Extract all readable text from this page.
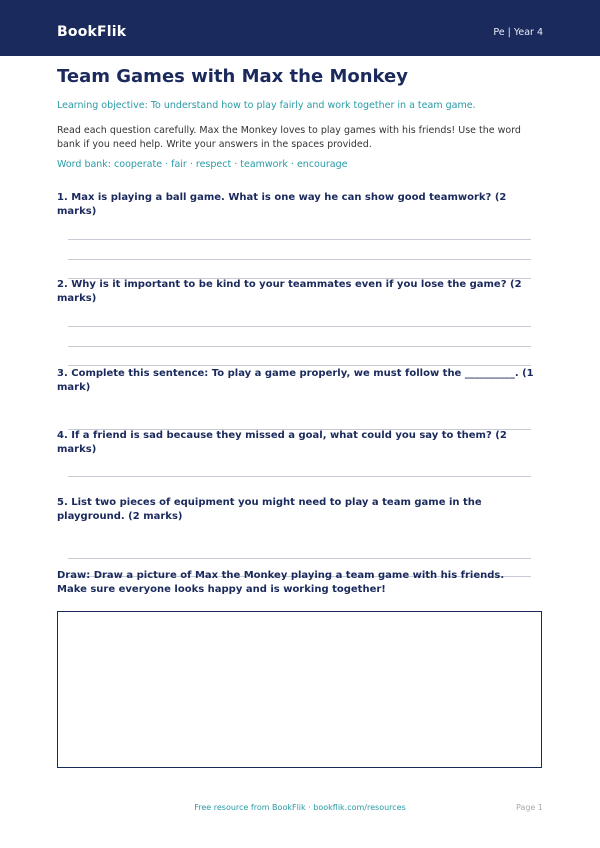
BookFlik	Pe | Year 4
Team Games with Max the Monkey
Learning objective: To understand how to play fairly and work together in a team game.
Read each question carefully. Max the Monkey loves to play games with his friends! Use the word bank if you need help. Write your answers in the spaces provided.
Word bank: cooperate · fair · respect · teamwork · encourage
1. Max is playing a ball game. What is one way he can show good teamwork? (2 marks)
2. Why is it important to be kind to your teammates even if you lose the game? (2 marks)
3. Complete this sentence: To play a game properly, we must follow the __________. (1 mark)
4. If a friend is sad because they missed a goal, what could you say to them? (2 marks)
5. List two pieces of equipment you might need to play a team game in the playground. (2 marks)
Draw: Draw a picture of Max the Monkey playing a team game with his friends. Make sure everyone looks happy and is working together!
Free resource from BookFlik · bookflik.com/resources	Page 1
